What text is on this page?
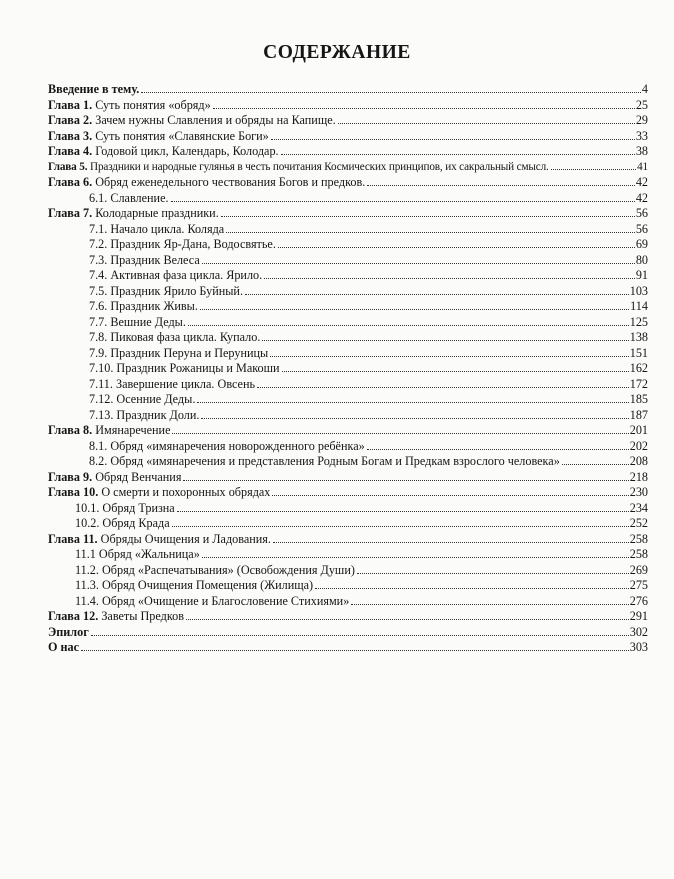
СОДЕРЖАНИЕ
Введение в тему.	4
Глава 1. Суть понятия «обряд»	25
Глава 2. Зачем нужны Славления и обряды на Капище.	29
Глава 3. Суть понятия «Славянские Боги»	33
Глава 4. Годовой цикл, Календарь, Колодар.	38
Глава 5. Праздники и народные гулянья в честь почитания Космических принципов, их сакральный смысл.	41
Глава 6. Обряд еженедельного чествования Богов и предков.	42
6.1. Славление.	42
Глава 7. Колодарные праздники.	56
7.1. Начало цикла. Коляда	56
7.2. Праздник Яр-Дана, Водосвятье.	69
7.3. Праздник Велеса	80
7.4. Активная фаза цикла. Ярило.	91
7.5. Праздник Ярило Буйный.	103
7.6. Праздник Живы.	114
7.7. Вешние Деды.	125
7.8. Пиковая фаза цикла. Купало.	138
7.9. Праздник Перуна и Перуницы	151
7.10. Праздник Рожаницы и Макоши	162
7.11. Завершение цикла. Овсень	172
7.12. Осенние Деды.	185
7.13. Праздник Доли.	187
Глава 8. Имянаречение	201
8.1. Обряд «имянаречения новорожденного ребёнка»	202
8.2. Обряд «имянаречения и представления Родным Богам и Предкам взрослого человека»	208
Глава 9. Обряд Венчания	218
Глава 10. О смерти и похоронных обрядах	230
10.1. Обряд Тризна	234
10.2. Обряд Крада	252
Глава 11. Обряды Очищения и Ладования.	258
11.1 Обряд «Жальница»	258
11.2. Обряд «Распечатывания» (Освобождения Души)	269
11.3. Обряд Очищения Помещения (Жилища)	275
11.4. Обряд «Очищение и Благословение Стихиями»	276
Глава 12. Заветы Предков	291
Эпилог	302
О нас	303
